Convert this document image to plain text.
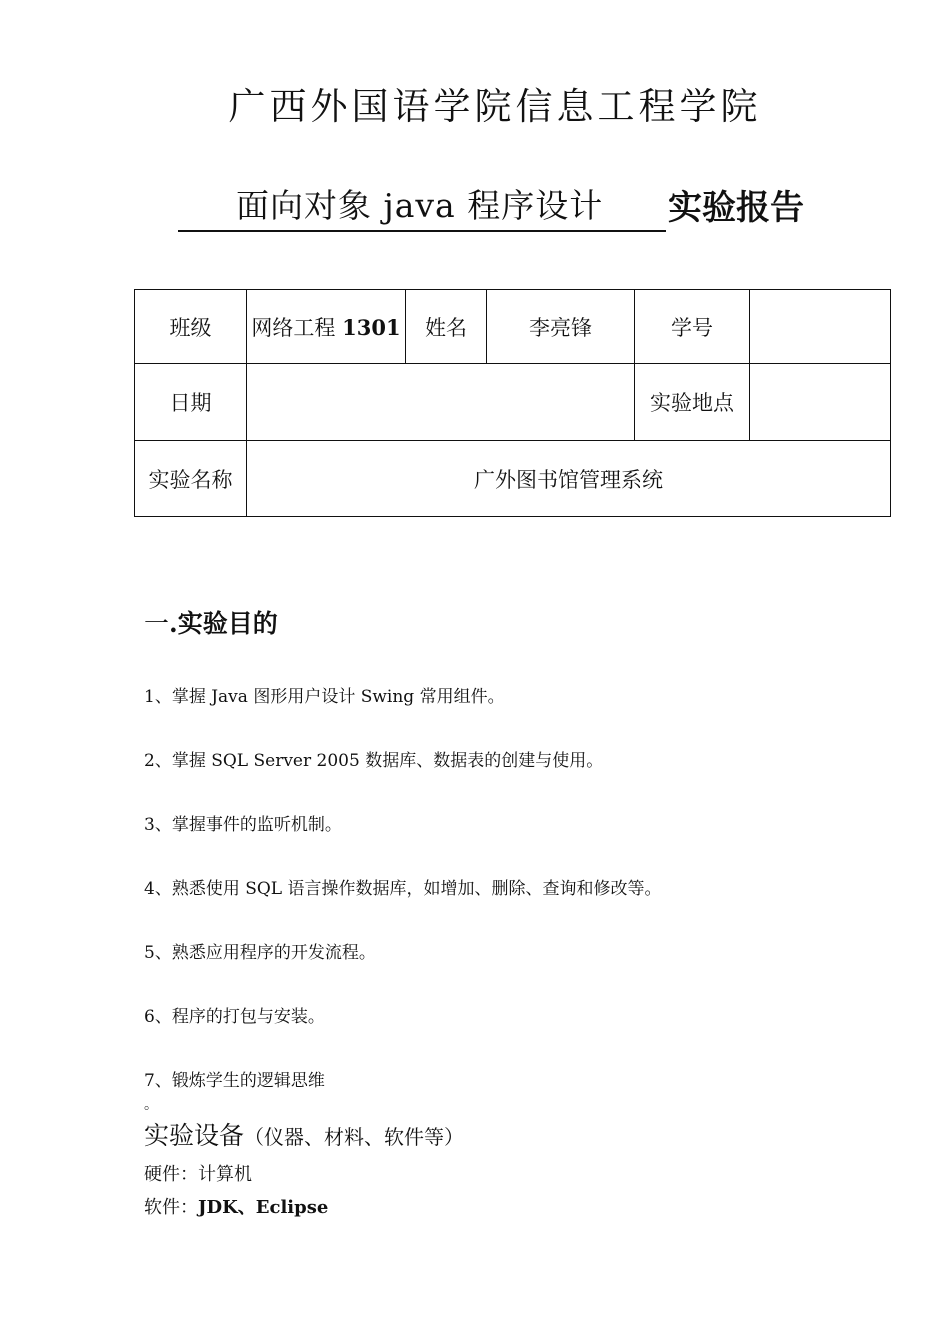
广西外国语学院信息工程学院
面向对象 java 程序设计 实验报告
班级	网络工程 1301	姓名	李亮锋	学号	
日期				实验地点	
实验名称	广外图书馆管理系统				
一.实验目的
1、掌握 Java 图形用户设计 Swing 常用组件。
2、掌握 SQL Server 2005 数据库、数据表的创建与使用。
3、掌握事件的监听机制。
4、熟悉使用 SQL 语言操作数据库，如增加、删除、查询和修改等。
5、熟悉应用程序的开发流程。
6、程序的打包与安装。
7、锻炼学生的逻辑思维
。
实验设备（仪器、材料、软件等）
硬件：计算机
软件：JDK、Eclipse
